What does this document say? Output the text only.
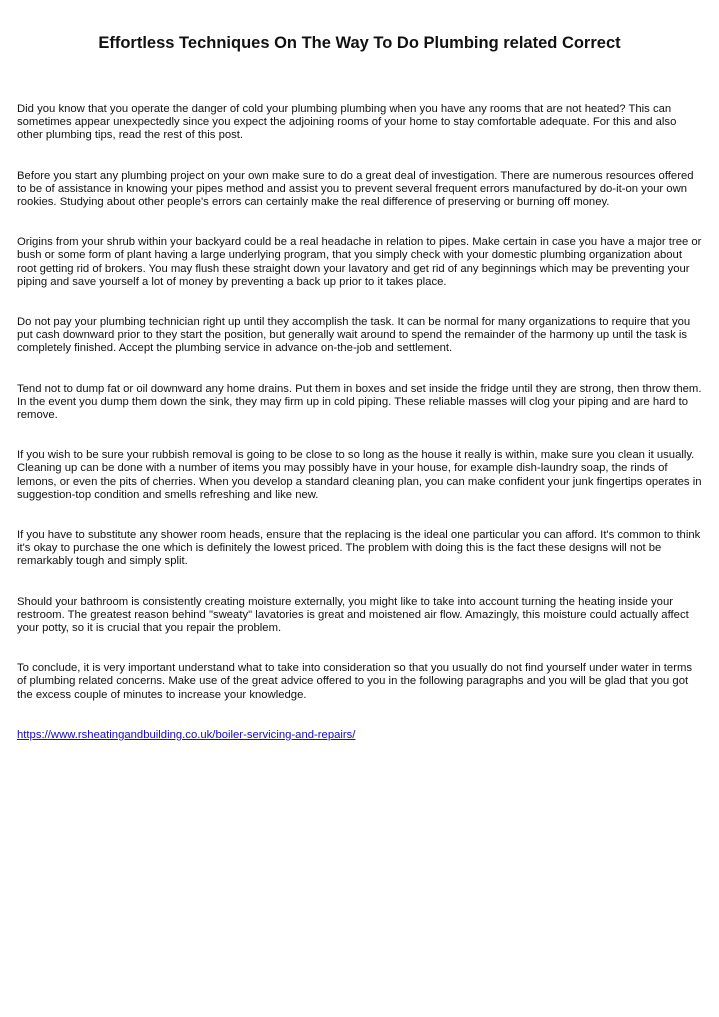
Effortless Techniques On The Way To Do Plumbing related Correct

Did you know that you operate the danger of cold your plumbing plumbing when you have any rooms that are not heated? This can sometimes appear unexpectedly since you expect the adjoining rooms of your home to stay comfortable adequate. For this and also other plumbing tips, read the rest of this post.

Before you start any plumbing project on your own make sure to do a great deal of investigation. There are numerous resources offered to be of assistance in knowing your pipes method and assist you to prevent several frequent errors manufactured by do-it-on your own rookies. Studying about other people's errors can certainly make the real difference of preserving or burning off money.

Origins from your shrub within your backyard could be a real headache in relation to pipes. Make certain in case you have a major tree or bush or some form of plant having a large underlying program, that you simply check with your domestic plumbing organization about root getting rid of brokers. You may flush these straight down your lavatory and get rid of any beginnings which may be preventing your piping and save yourself a lot of money by preventing a back up prior to it takes place.

Do not pay your plumbing technician right up until they accomplish the task. It can be normal for many organizations to require that you put cash downward prior to they start the position, but generally wait around to spend the remainder of the harmony up until the task is completely finished. Accept the plumbing service in advance on-the-job and settlement.

Tend not to dump fat or oil downward any home drains. Put them in boxes and set inside the fridge until they are strong, then throw them. In the event you dump them down the sink, they may firm up in cold piping. These reliable masses will clog your piping and are hard to remove.

If you wish to be sure your rubbish removal is going to be close to so long as the house it really is within, make sure you clean it usually. Cleaning up can be done with a number of items you may possibly have in your house, for example dish-laundry soap, the rinds of lemons, or even the pits of cherries. When you develop a standard cleaning plan, you can make confident your junk fingertips operates in suggestion-top condition and smells refreshing and like new.

If you have to substitute any shower room heads, ensure that the replacing is the ideal one particular you can afford. It's common to think it's okay to purchase the one which is definitely the lowest priced. The problem with doing this is the fact these designs will not be remarkably tough and simply split.

Should your bathroom is consistently creating moisture externally, you might like to take into account turning the heating inside your restroom. The greatest reason behind "sweaty" lavatories is great and moistened air flow. Amazingly, this moisture could actually affect your potty, so it is crucial that you repair the problem.

To conclude, it is very important understand what to take into consideration so that you usually do not find yourself under water in terms of plumbing related concerns. Make use of the great advice offered to you in the following paragraphs and you will be glad that you got the excess couple of minutes to increase your knowledge.

https://www.rsheatingandbuilding.co.uk/boiler-servicing-and-repairs/
